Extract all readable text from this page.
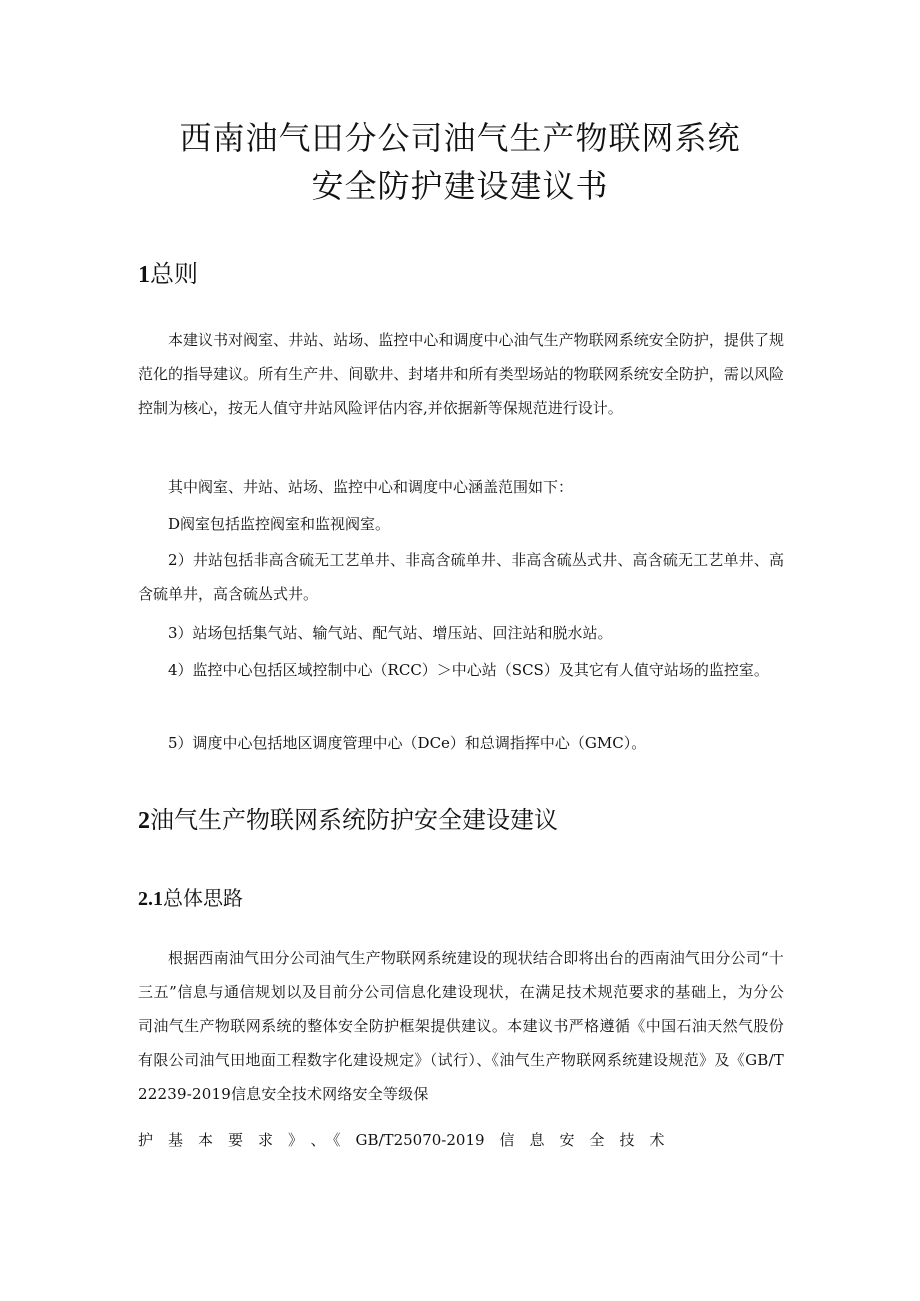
西南油气田分公司油气生产物联网系统
安全防护建设建议书
1总则

本建议书对阀室、井站、站场、监控中心和调度中心油气生产物联网系统安全防护，提供了规范化的指导建议。所有生产井、间歇井、封堵井和所有类型场站的物联网系统安全防护，需以风险控制为核心，按无人值守井站风险评估内容,并依据新等保规范进行设计。

其中阀室、井站、站场、监控中心和调度中心涵盖范围如下：

D阀室包括监控阀室和监视阀室。

2）井站包括非高含硫无工艺单井、非高含硫单井、非高含硫丛式井、高含硫无工艺单井、高含硫单井，高含硫丛式井。

3）站场包括集气站、输气站、配气站、增压站、回注站和脱水站。

4）监控中心包括区域控制中心（RCC）＞中心站（SCS）及其它有人值守站场的监控室。

5）调度中心包括地区调度管理中心（DCe）和总调指挥中心（GMC）。

2油气生产物联网系统防护安全建设建议
2.1总体思路

根据西南油气田分公司油气生产物联网系统建设的现状结合即将出台的西南油气田分公司“十三五”信息与通信规划以及目前分公司信息化建设现状，在满足技术规范要求的基础上，为分公司油气生产物联网系统的整体安全防护框架提供建议。本建议书严格遵循《中国石油天然气股份有限公司油气田地面工程数字化建设规定》（试行）、《油气生产物联网系统建设规范》及《GB/T22239-2019信息安全技术网络安全等级保

护　基　本　要　求　》　、　《　GB/T25070-2019　信　息　安　全　技　术
